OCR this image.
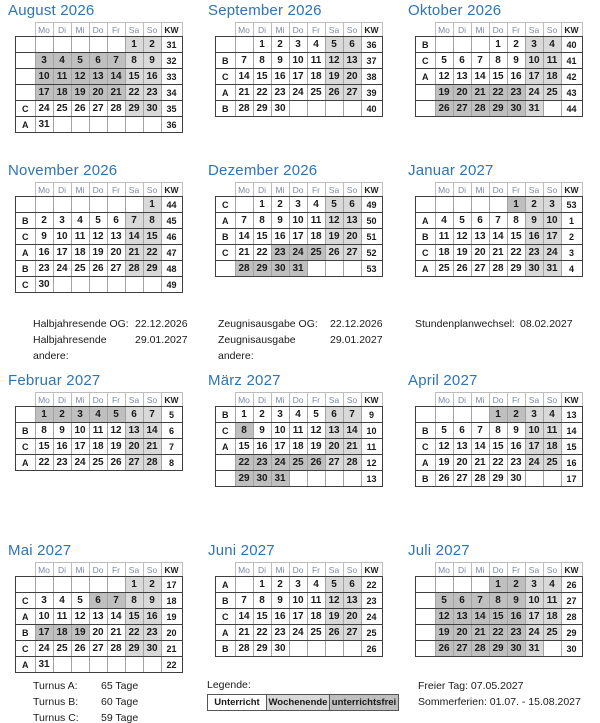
August 2026
	Mo	Di	Mi	Do	Fr	Sa	So	KW
						1	2	31
	3	4	5	6	7	8	9	32
	10	11	12	13	14	15	16	33
	17	18	19	20	21	22	23	34
C	24	25	26	27	28	29	30	35
A	31							36
September 2026
	Mo	Di	Mi	Do	Fr	Sa	So	KW
		1	2	3	4	5	6	36
B	7	8	9	10	11	12	13	37
C	14	15	16	17	18	19	20	38
A	21	22	23	24	25	26	27	39
B	28	29	30					40
Oktober 2026
	Mo	Di	Mi	Do	Fr	Sa	So	KW
B				1	2	3	4	40
C	5	6	7	8	9	10	11	41
A	12	13	14	15	16	17	18	42
	19	20	21	22	23	24	25	43
	26	27	28	29	30	31		44
November 2026
	Mo	Di	Mi	Do	Fr	Sa	So	KW
							1	44
B	2	3	4	5	6	7	8	45
C	9	10	11	12	13	14	15	46
A	16	17	18	19	20	21	22	47
B	23	24	25	26	27	28	29	48
C	30							49
Dezember 2026
	Mo	Di	Mi	Do	Fr	Sa	So	KW
C		1	2	3	4	5	6	49
A	7	8	9	10	11	12	13	50
B	14	15	16	17	18	19	20	51
C	21	22	23	24	25	26	27	52
	28	29	30	31				53
Januar 2027
	Mo	Di	Mi	Do	Fr	Sa	So	KW
					1	2	3	53
A	4	5	6	7	8	9	10	1
B	11	12	13	14	15	16	17	2
C	18	19	20	21	22	23	24	3
A	25	26	27	28	29	30	31	4
Halbjahresende OG: 22.12.2026
Halbjahresende andere:
29.01.2027
Zeugnisausgabe OG:	22.12.2026
Zeugnisausgabe andere:
29.01.2027
Stundenplanwechsel: 08.02.2027
Februar 2027
	Mo	Di	Mi	Do	Fr	Sa	So	KW
	1	2	3	4	5	6	7	5
B	8	9	10	11	12	13	14	6
C	15	16	17	18	19	20	21	7
A	22	23	24	25	26	27	28	8
März 2027
	Mo	Di	Mi	Do	Fr	Sa	So	KW
B	1	2	3	4	5	6	7	9
C	8	9	10	11	12	13	14	10
A	15	16	17	18	19	20	21	11
	22	23	24	25	26	27	28	12
	29	30	31					13
April 2027
	Mo	Di	Mi	Do	Fr	Sa	So	KW
				1	2	3	4	13
B	5	6	7	8	9	10	11	14
C	12	13	14	15	16	17	18	15
A	19	20	21	22	23	24	25	16
B	26	27	28	29	30			17
Mai 2027
	Mo	Di	Mi	Do	Fr	Sa	So	KW
						1	2	17
C	3	4	5	6	7	8	9	18
A	10	11	12	13	14	15	16	19
B	17	18	19	20	21	22	23	20
C	24	25	26	27	28	29	30	21
A	31							22
Juni 2027
	Mo	Di	Mi	Do	Fr	Sa	So	KW
A		1	2	3	4	5	6	22
B	7	8	9	10	11	12	13	23
C	14	15	16	17	18	19	20	24
A	21	22	23	24	25	26	27	25
B	28	29	30					26
Juli 2027
	Mo	Di	Mi	Do	Fr	Sa	So	KW
				1	2	3	4	26
	5	6	7	8	9	10	11	27
	12	13	14	15	16	17	18	28
	19	20	21	22	23	24	25	29
	26	27	28	29	30	31		30
Turnus A:	65 Tage
Turnus B:	60 Tage
Turnus C:	59 Tage
Legende:
Unterricht Wochenende unterrichtsfrei
Freier Tag: 07.05.2027
Sommerferien: 01.07. - 15.08.2027
